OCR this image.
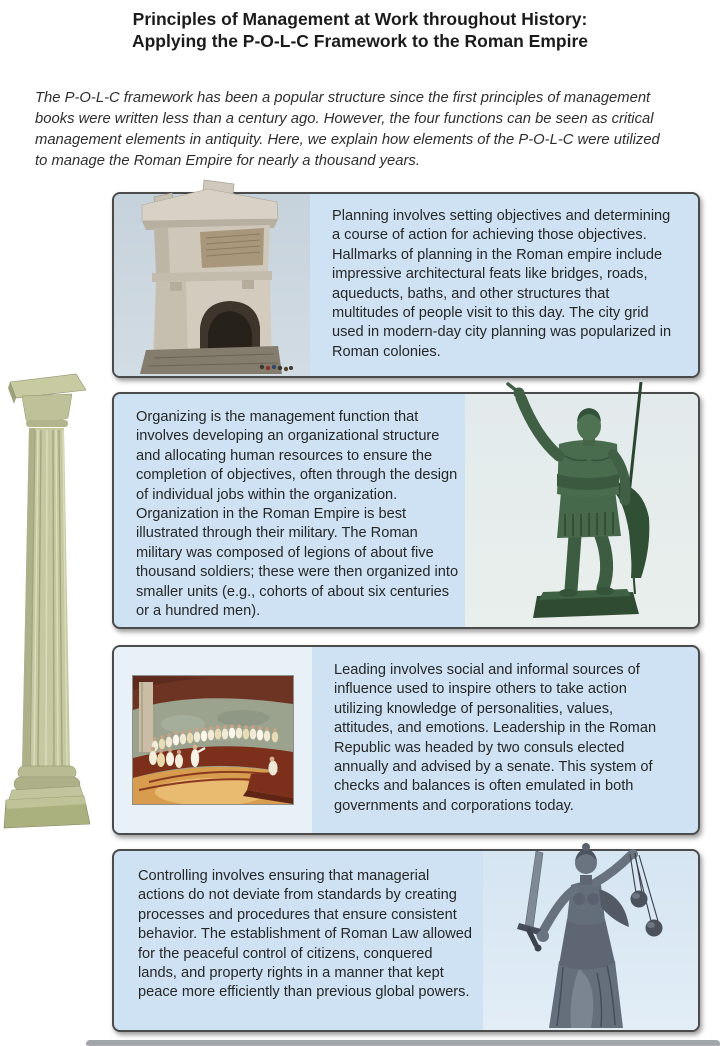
Principles of Management at Work throughout History:
Applying the P-O-L-C Framework to the Roman Empire
The P-O-L-C framework has been a popular structure since the first principles of management books were written less than a century ago. However, the four functions can be seen as critical management elements in antiquity. Here, we explain how elements of the P-O-L-C were utilized to manage the Roman Empire for nearly a thousand years.
Planning involves setting objectives and determining a course of action for achieving those objectives. Hallmarks of planning in the Roman empire include impressive architectural feats like bridges, roads, aqueducts, baths, and other structures that multitudes of people visit to this day. The city grid used in modern-day city planning was popularized in Roman colonies.
Organizing is the management function that involves developing an organizational structure and allocating human resources to ensure the completion of objectives, often through the design of individual jobs within the organization. Organization in the Roman Empire is best illustrated through their military. The Roman military was composed of legions of about five thousand soldiers; these were then organized into smaller units (e.g., cohorts of about six centuries or a hundred men).
Leading involves social and informal sources of influence used to inspire others to take action utilizing knowledge of personalities, values, attitudes, and emotions. Leadership in the Roman Republic was headed by two consuls elected annually and advised by a senate. This system of checks and balances is often emulated in both governments and corporations today.
Controlling involves ensuring that managerial actions do not deviate from standards by creating processes and procedures that ensure consistent behavior. The establishment of Roman Law allowed for the peaceful control of citizens, conquered lands, and property rights in a manner that kept peace more efficiently than previous global powers.
